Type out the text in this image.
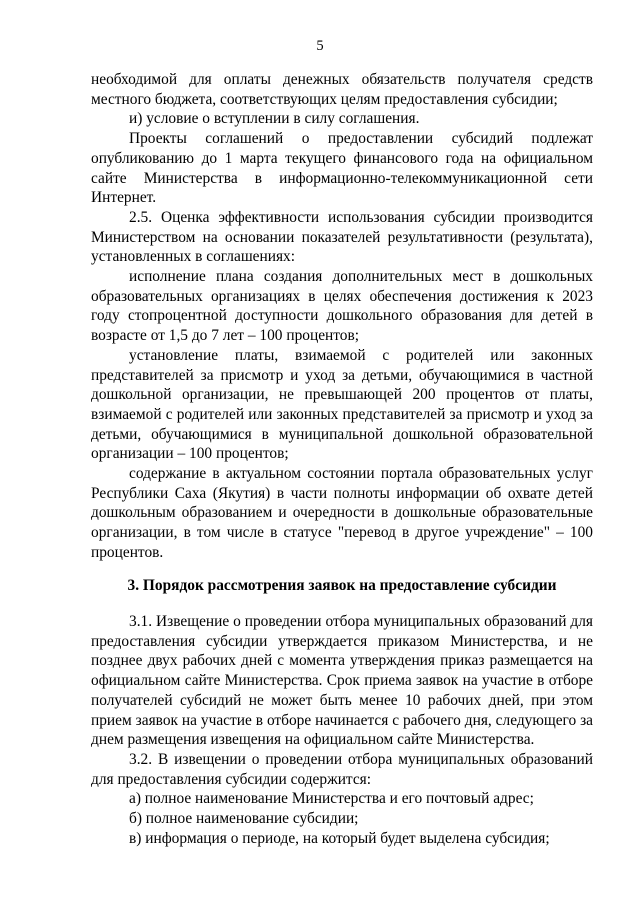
5

необходимой для оплаты денежных обязательств получателя средств местного бюджета, соответствующих целям предоставления субсидии;

и) условие о вступлении в силу соглашения.

Проекты соглашений о предоставлении субсидий подлежат опубликованию до 1 марта текущего финансового года на официальном сайте Министерства в информационно-телекоммуникационной сети Интернет.

2.5. Оценка эффективности использования субсидии производится Министерством на основании показателей результативности (результата), установленных в соглашениях:

исполнение плана создания дополнительных мест в дошкольных образовательных организациях в целях обеспечения достижения к 2023 году стопроцентной доступности дошкольного образования для детей в возрасте от 1,5 до 7 лет – 100 процентов;

установление платы, взимаемой с родителей или законных представителей за присмотр и уход за детьми, обучающимися в частной дошкольной организации, не превышающей 200 процентов от платы, взимаемой с родителей или законных представителей за присмотр и уход за детьми, обучающимися в муниципальной дошкольной образовательной организации – 100 процентов;

содержание в актуальном состоянии портала образовательных услуг Республики Саха (Якутия) в части полноты информации об охвате детей дошкольным образованием и очередности в дошкольные образовательные организации, в том числе в статусе "перевод в другое учреждение" – 100 процентов.

3. Порядок рассмотрения заявок на предоставление субсидии

3.1. Извещение о проведении отбора муниципальных образований для предоставления субсидии утверждается приказом Министерства, и не позднее двух рабочих дней с момента утверждения приказ размещается на официальном сайте Министерства. Срок приема заявок на участие в отборе получателей субсидий не может быть менее 10 рабочих дней, при этом прием заявок на участие в отборе начинается с рабочего дня, следующего за днем размещения извещения на официальном сайте Министерства.

3.2. В извещении о проведении отбора муниципальных образований для предоставления субсидии содержится:

а) полное наименование Министерства и его почтовый адрес;

б) полное наименование субсидии;

в) информация о периоде, на который будет выделена субсидия;
